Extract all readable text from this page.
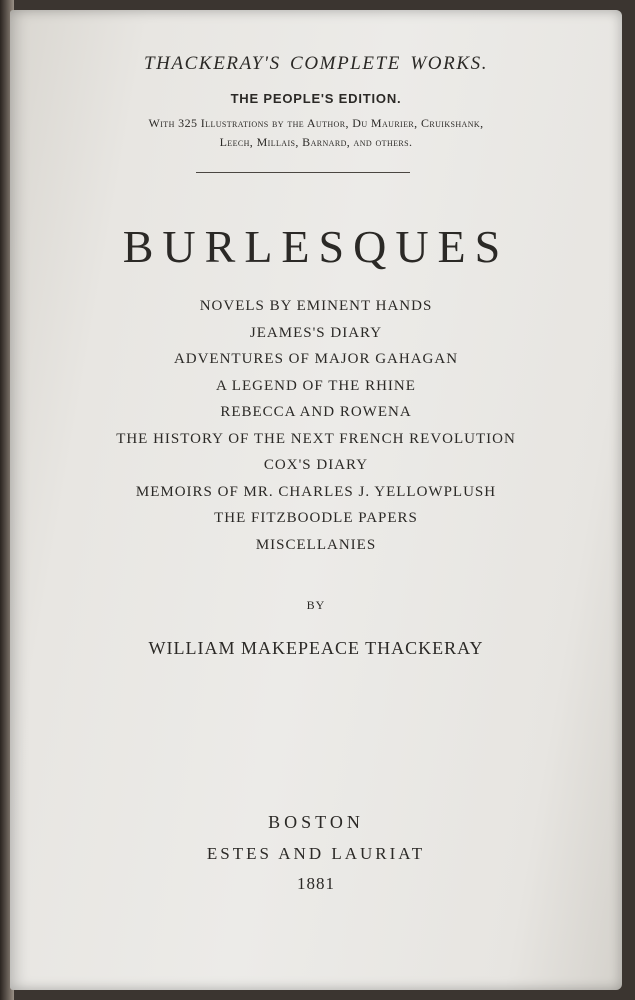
THACKERAY'S COMPLETE WORKS.
THE PEOPLE'S EDITION.
With 325 Illustrations by the Author, Du Maurier, Cruikshank,
Leech, Millais, Barnard, and others.
BURLESQUES
NOVELS BY EMINENT HANDS
JEAMES'S DIARY
ADVENTURES OF MAJOR GAHAGAN
A LEGEND OF THE RHINE
REBECCA AND ROWENA
THE HISTORY OF THE NEXT FRENCH REVOLUTION
COX'S DIARY
MEMOIRS OF MR. CHARLES J. YELLOWPLUSH
THE FITZBOODLE PAPERS
MISCELLANIES
BY
WILLIAM MAKEPEACE THACKERAY
BOSTON
ESTES AND LAURIAT
1881
